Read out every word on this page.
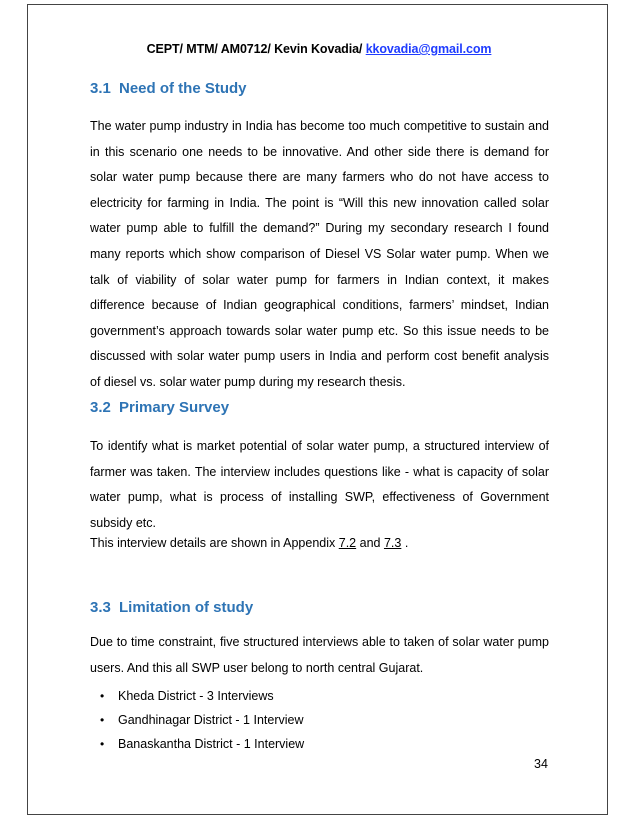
CEPT/ MTM/ AM0712/ Kevin Kovadia/ kkovadia@gmail.com
3.1 Need of the Study
The water pump industry in India has become too much competitive to sustain and
in this scenario one needs to be innovative. And other side there is demand for
solar water pump because there are many farmers who do not have access to
electricity for farming in India. The point is “Will this new innovation called solar
water pump able to fulfill the demand?” During my secondary research I found
many reports which show comparison of Diesel VS Solar water pump. When we
talk of viability of solar water pump for farmers in Indian context, it makes
difference because of Indian geographical conditions, farmers’ mindset, Indian
government’s approach towards solar water pump etc. So this issue needs to be
discussed with solar water pump users in India and perform cost benefit analysis
of diesel vs. solar water pump during my research thesis.
3.2 Primary Survey
To identify what is market potential of solar water pump, a structured interview of
farmer was taken. The interview includes questions like - what is capacity of solar
water pump, what is process of installing SWP, effectiveness of Government
subsidy etc.
This interview details are shown in Appendix 7.2 and 7.3 .
3.3 Limitation of study
Due to time constraint, five structured interviews able to taken of solar water pump
users. And this all SWP user belong to north central Gujarat.
•	Kheda District - 3 Interviews
•	Gandhinagar District - 1 Interview
•	Banaskantha District - 1 Interview
34
